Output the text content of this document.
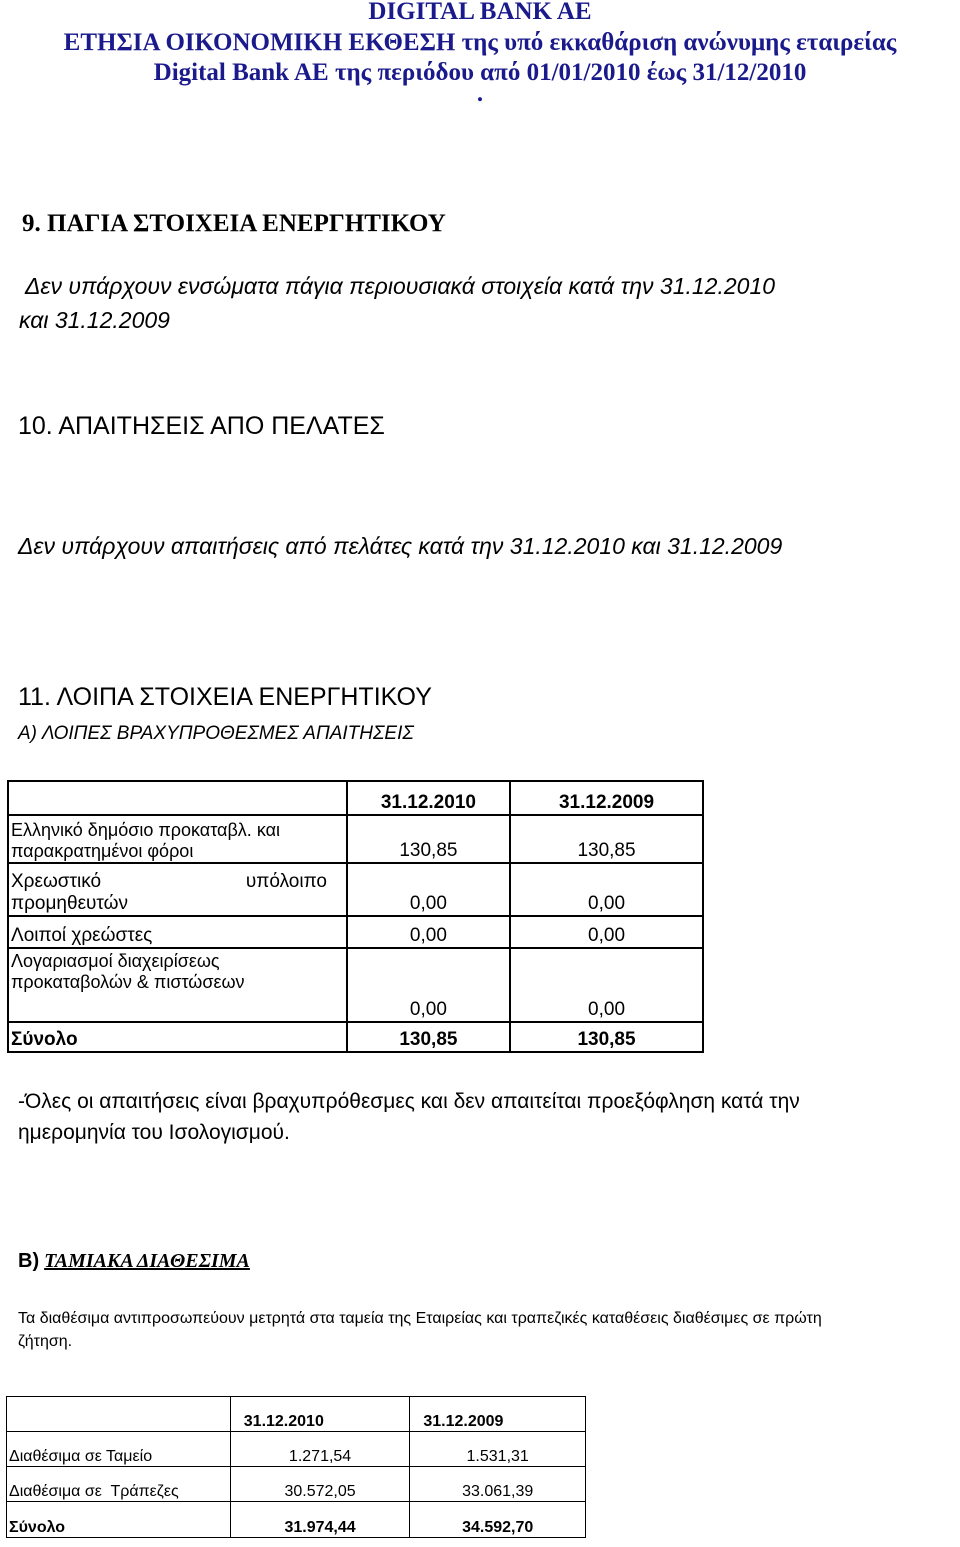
DIGITAL BANK AE
ΕΤΗΣΙΑ ΟΙΚΟΝΟΜΙΚΗ ΕΚΘΕΣΗ της υπό εκκαθάριση ανώνυμης εταιρείας
Digital Bank AE της περιόδου από 01/01/2010 έως 31/12/2010
.
9. ΠΑΓΙΑ ΣΤΟΙΧΕΙΑ ΕΝΕΡΓΗΤΙΚΟΥ
Δεν υπάρχουν ενσώματα πάγια περιουσιακά στοιχεία κατά την 31.12.2010
και 31.12.2009
10. ΑΠΑΙΤΗΣΕΙΣ ΑΠΟ ΠΕΛΑΤΕΣ
Δεν υπάρχουν απαιτήσεις από πελάτες κατά την 31.12.2010 και 31.12.2009
11. ΛΟΙΠΑ ΣΤΟΙΧΕΙΑ ΕΝΕΡΓΗΤΙΚΟΥ
Α) ΛΟΙΠΕΣ ΒΡΑΧΥΠΡΟΘΕΣΜΕΣ ΑΠΑΙΤΗΣΕΙΣ
	31.12.2010	31.12.2009

Ελληνικό δημόσιο προκαταβλ. και
παρακρατημένοι φόροι	130,85	130,85

Χρεωστικό υπόλοιπο
προμηθευτών	0,00	0,00
Λοιποί χρεώστες	0,00	0,00

Λογαριασμοί διαχειρίσεως
προκαταβολών & πιστώσεων	0,00	0,00
Σύνολο	130,85	130,85
-Όλες οι απαιτήσεις είναι βραχυπρόθεσμες και δεν απαιτείται προεξόφληση κατά την
ημερομηνία του Ισολογισμού.
B) ΤΑΜΙΑΚΑ ΔΙΑΘΕΣΙΜΑ
Τα διαθέσιμα αντιπροσωπεύουν μετρητά στα ταμεία της Εταιρείας και τραπεζικές καταθέσεις διαθέσιμες σε πρώτη
ζήτηση.
	31.12.2010	31.12.2009
Διαθέσιμα σε Ταμείο	1.271,54	1.531,31
Διαθέσιμα σε  Τράπεζες	30.572,05	33.061,39
Σύνολο	31.974,44	34.592,70
